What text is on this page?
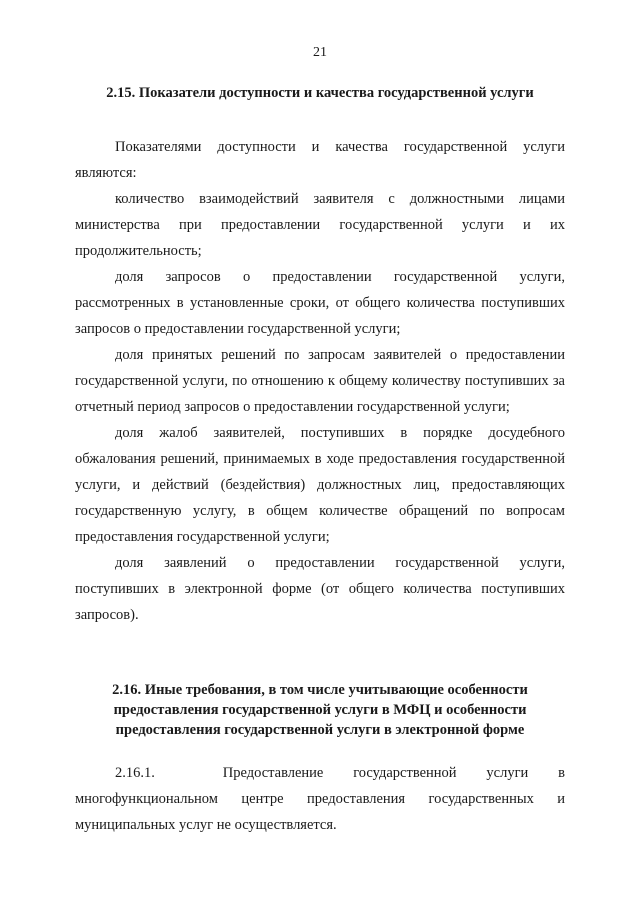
21
2.15. Показатели доступности и качества государственной услуги

Показателями доступности и качества государственной услуги являются:

количество взаимодействий заявителя с должностными лицами министерства при предоставлении государственной услуги и их продолжительность;

доля запросов о предоставлении государственной услуги, рассмотренных в установленные сроки, от общего количества поступивших запросов о предоставлении государственной услуги;

доля принятых решений по запросам заявителей о предоставлении государственной услуги, по отношению к общему количеству поступивших за отчетный период запросов о предоставлении государственной услуги;

доля жалоб заявителей, поступивших в порядке досудебного обжалования решений, принимаемых в ходе предоставления государственной услуги, и действий (бездействия) должностных лиц, предоставляющих государственную услугу, в общем количестве обращений по вопросам предоставления государственной услуги;

доля заявлений о предоставлении государственной услуги, поступивших в электронной форме (от общего количества поступивших запросов).

2.16. Иные требования, в том числе учитывающие особенности
предоставления государственной услуги в МФЦ и особенности
предоставления государственной услуги в электронной форме

2.16.1.	Предоставление государственной услуги в многофункциональном центре предоставления государственных и муниципальных услуг не осуществляется.
